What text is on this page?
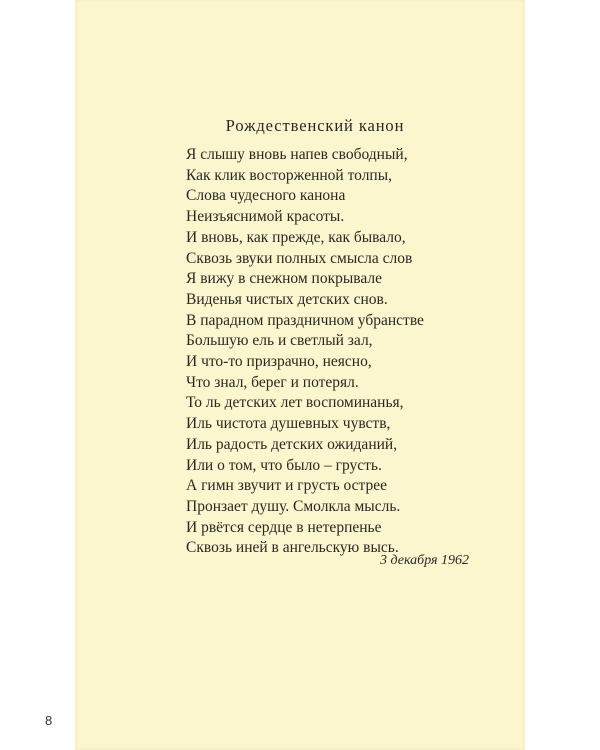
Рождественский канон
Я слышу вновь напев свободный,
Как клик восторженной толпы,
Слова чудесного канона
Неизъяснимой красоты.
И вновь, как прежде, как бывало,
Сквозь звуки полных смысла слов
Я вижу в снежном покрывале
Виденья чистых детских снов.
В парадном праздничном убранстве
Большую ель и светлый зал,
И что-то призрачно, неясно,
Что знал, берег и потерял.
То ль детских лет воспоминанья,
Иль чистота душевных чувств,
Иль радость детских ожиданий,
Или о том, что было – грусть.
А гимн звучит и грусть острее
Пронзает душу. Смолкла мысль.
И рвётся сердце в нетерпенье
Сквозь иней в ангельскую высь.
3 декабря 1962
8
